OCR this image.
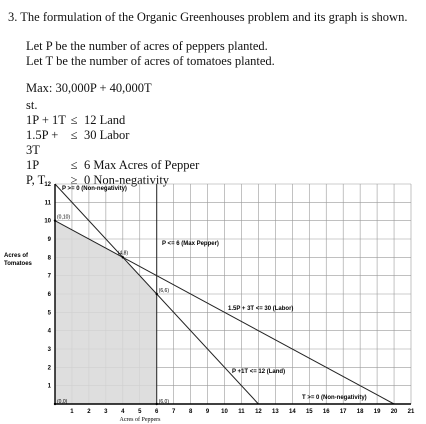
3. The formulation of the Organic Greenhouses problem and its graph is shown.
Let P be the number of acres of peppers planted.
Let T be the number of acres of tomatoes planted.
Max: 30,000P + 40,000T
st.
1P + 1T ≤ 12 Land
1.5P + 3T
≤ 30 Labor
1P	≤ 6 Max Acres of Pepper
P, T	≥ 0 Non-negativity
1 2 3 4 5 6 7 8 9 10 11 12 13 14 15 16 17 18 19 20 21
1
2
3
4
5
6
7
8
9
10
11
12
(0,0)
(0,10)
(4,8)
(6,6)
(6,0)
P >= 0 (Non-negativity)
P <= 6 (Max Pepper)
1.5P + 3T <= 30 (Labor)
P +1T <= 12 (Land)
T >= 0 (Non-negativity)
Acres of
Tomatoes
Acres of Peppers
